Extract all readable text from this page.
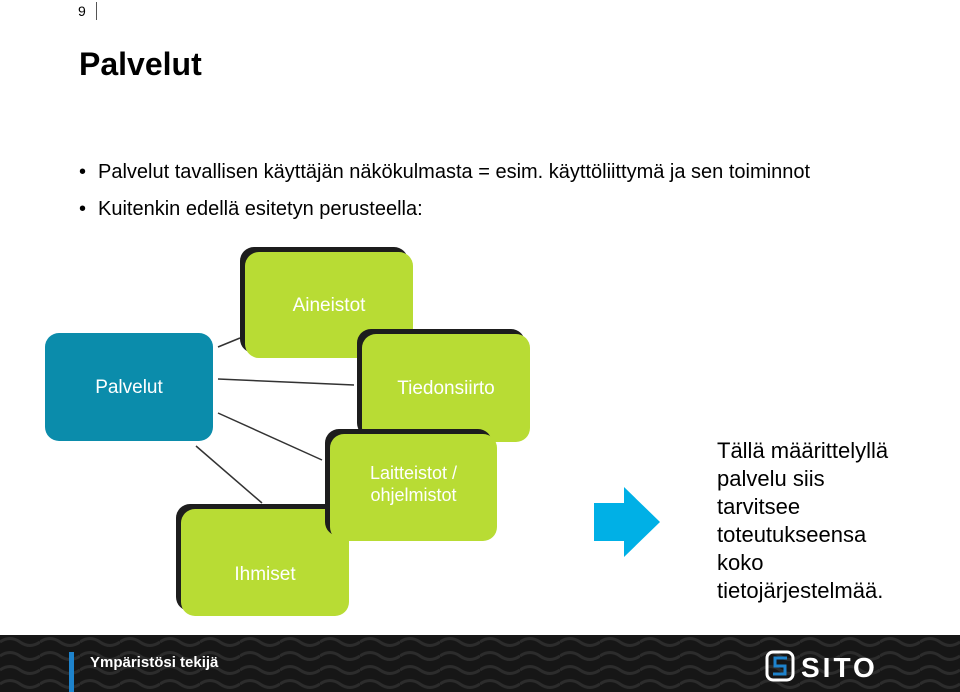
9
Palvelut
• Palvelut tavallisen käyttäjän näkökulmasta = esim. käyttöliittymä ja sen toiminnot
• Kuitenkin edellä esitetyn perusteella:
Aineistot
Palvelut	Tiedonsiirto
Ihmiset
Laitteistot /
ohjelmistot
Tällä määrittelyllä
palvelu siis
tarvitsee
toteutukseensa
koko
tietojärjestelmää.
Ympäristösi tekijä	SITO
